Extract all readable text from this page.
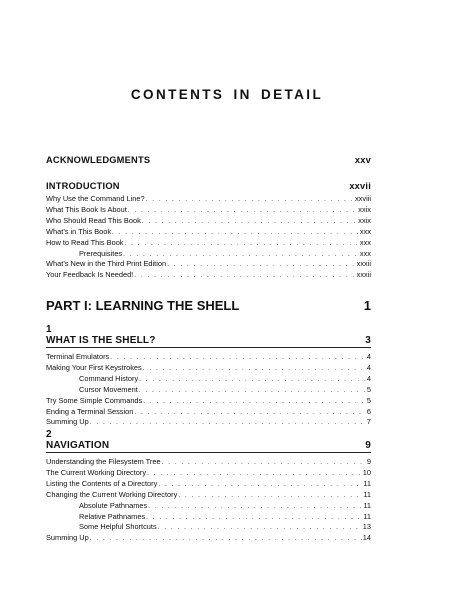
CONTENTS IN DETAIL
ACKNOWLEDGMENTS	xxv
INTRODUCTION	xxvii
Why Use the Command Line? . . .	xxviii
What This Book Is About . . .	xxix
Who Should Read This Book . . .	xxix
What’s in This Book . . .	xxx
How to Read This Book . . .	xxx
Prerequisites . . .	xxx
What’s New in the Third Print Edition . . .	xxxii
Your Feedback Is Needed! . . .	xxxii
PART I: LEARNING THE SHELL	1
1
WHAT IS THE SHELL?	3
Terminal Emulators . . .	4
Making Your First Keystrokes . . .	4
Command History . . .	4
Cursor Movement . . .	5
Try Some Simple Commands . . .	5
Ending a Terminal Session . . .	6
Summing Up . . .	7
2
NAVIGATION	9
Understanding the Filesystem Tree . . .	9
The Current Working Directory . . .	10
Listing the Contents of a Directory . . .	11
Changing the Current Working Directory . . .	11
Absolute Pathnames . . .	11
Relative Pathnames . . .	11
Some Helpful Shortcuts . . .	13
Summing Up . . .	14
